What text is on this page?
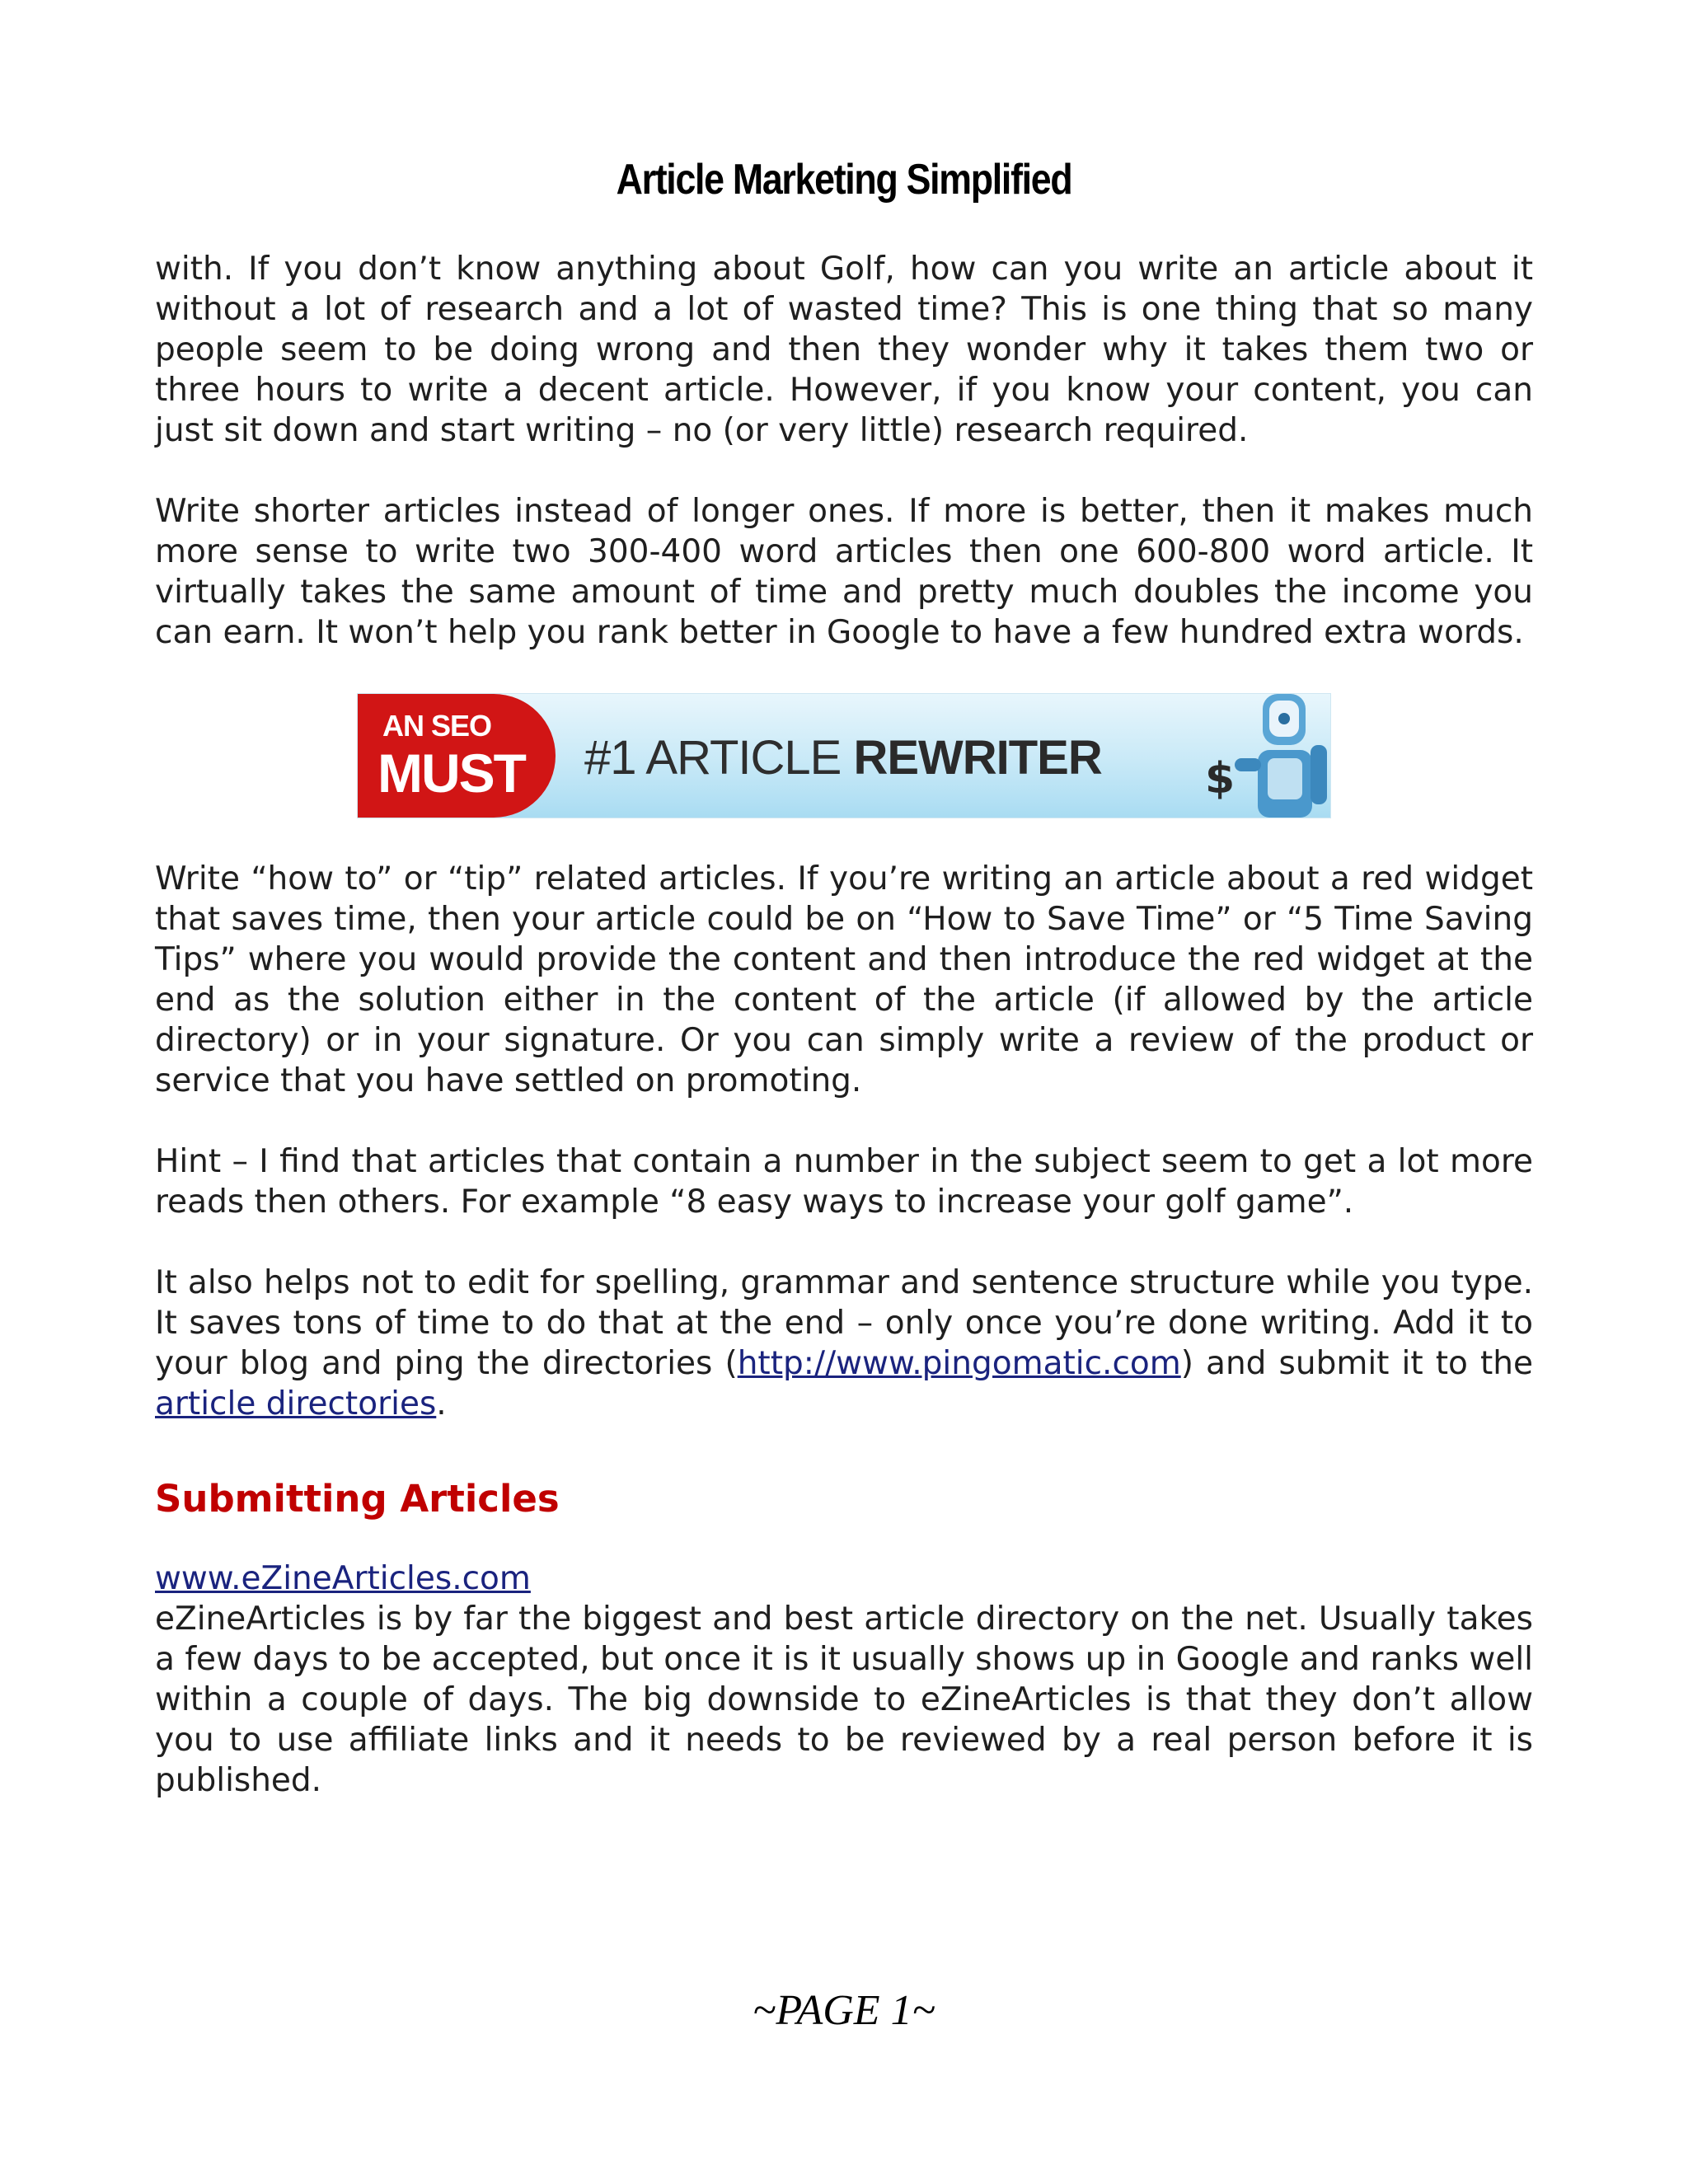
Article Marketing Simplified

with. If you don’t know anything about Golf, how can you write an article about it without a lot of research and a lot of wasted time? This is one thing that so many people seem to be doing wrong and then they wonder why it takes them two or three hours to write a decent article. However, if you know your content, you can just sit down and start writing – no (or very little) research required.

Write shorter articles instead of longer ones. If more is better, then it makes much more sense to write two 300-400 word articles then one 600-800 word article. It virtually takes the same amount of time and pretty much doubles the income you can earn. It won’t help you rank better in Google to have a few hundred extra words.

AN SEO
MUST #1 ARTICLE REWRITER $

Write “how to” or “tip” related articles. If you’re writing an article about a red widget that saves time, then your article could be on “How to Save Time” or “5 Time Saving Tips” where you would provide the content and then introduce the red widget at the end as the solution either in the content of the article (if allowed by the article directory) or in your signature. Or you can simply write a review of the product or service that you have settled on promoting.

Hint – I find that articles that contain a number in the subject seem to get a lot more reads then others. For example “8 easy ways to increase your golf game”.

It also helps not to edit for spelling, grammar and sentence structure while you type. It saves tons of time to do that at the end – only once you’re done writing. Add it to your blog and ping the directories (http://www.pingomatic.com) and submit it to the article directories.

Submitting Articles
www.eZineArticles.com

eZineArticles is by far the biggest and best article directory on the net. Usually takes a few days to be accepted, but once it is it usually shows up in Google and ranks well within a couple of days. The big downside to eZineArticles is that they don’t allow you to use affiliate links and it needs to be reviewed by a real person before it is published.

~PAGE 1~
